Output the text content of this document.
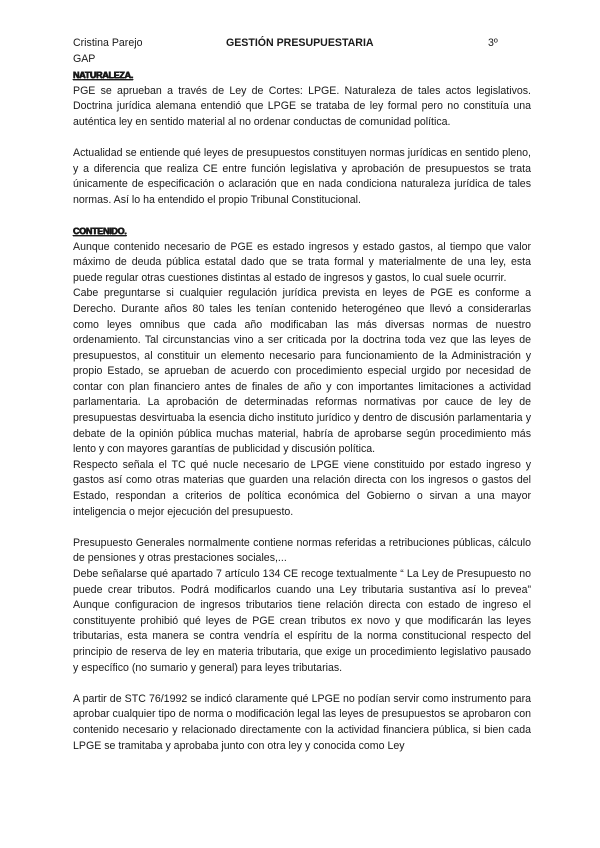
Cristina Parejo	GESTIÓN PRESUPUESTARIA	3º
GAP
NATURALEZA.

PGE se aprueban a través de Ley de Cortes: LPGE. Naturaleza de tales actos legislativos. Doctrina jurídica alemana entendió que LPGE se trataba de ley formal pero no constituía una auténtica ley en sentido material al no ordenar conductas de comunidad política.

Actualidad se entiende qué leyes de presupuestos constituyen normas jurídicas en sentido pleno, y a diferencia que realiza CE entre función legislativa y aprobación de presupuestos se trata únicamente de especificación o aclaración que en nada condiciona naturaleza jurídica de tales normas. Así lo ha entendido el propio Tribunal Constitucional.

CONTENIDO.

Aunque contenido necesario de PGE es estado ingresos y estado gastos, al tiempo que valor máximo de deuda pública estatal dado que se trata formal y materialmente de una ley, esta puede regular otras cuestiones distintas al estado de ingresos y gastos, lo cual suele ocurrir.

Cabe preguntarse si cualquier regulación jurídica prevista en leyes de PGE es conforme a Derecho. Durante años 80 tales les tenían contenido heterogéneo que llevó a considerarlas como leyes omnibus que cada año modificaban las más diversas normas de nuestro ordenamiento. Tal circunstancias vino a ser criticada por la doctrina toda vez que las leyes de presupuestos, al constituir un elemento necesario para funcionamiento de la Administración y propio Estado, se aprueban de acuerdo con procedimiento especial urgido por necesidad de contar con plan financiero antes de finales de año y con importantes limitaciones a actividad parlamentaria. La aprobación de determinadas reformas normativas por cauce de ley de presupuestas desvirtuaba la esencia dicho instituto jurídico y dentro de discusión parlamentaria y debate de la opinión pública muchas material, habría de aprobarse según procedimiento más lento y con mayores garantías de publicidad y discusión política.

Respecto señala el TC qué nucle necesario de LPGE viene constituido por estado ingreso y gastos así como otras materias que guarden una relación directa con los ingresos o gastos del Estado, respondan a criterios de política económica del Gobierno o sirvan a una mayor inteligencia o mejor ejecución del presupuesto.

Presupuesto Generales normalmente contiene normas referidas a retribuciones públicas, cálculo de pensiones y otras prestaciones sociales,...

Debe señalarse qué apartado 7 artículo 134 CE recoge textualmente “ La Ley de Presupuesto no puede crear tributos. Podrá modificarlos cuando una Ley tributaria sustantiva así lo prevea” Aunque configuracion de ingresos tributarios tiene relación directa con estado de ingreso el constituyente prohibió qué leyes de PGE crean tributos ex novo y que modificarán las leyes tributarias, esta manera se contra vendría el espíritu de la norma constitucional respecto del principio de reserva de ley en materia tributaria, que exige un procedimiento legislativo pausado y específico (no sumario y general) para leyes tributarias.

A partir de STC 76/1992 se indicó claramente qué LPGE no podían servir como instrumento para aprobar cualquier tipo de norma o modificación legal las leyes de presupuestos se aprobaron con contenido necesario y relacionado directamente con la actividad financiera pública, si bien cada LPGE se tramitaba y aprobaba junto con otra ley y conocida como Ley
